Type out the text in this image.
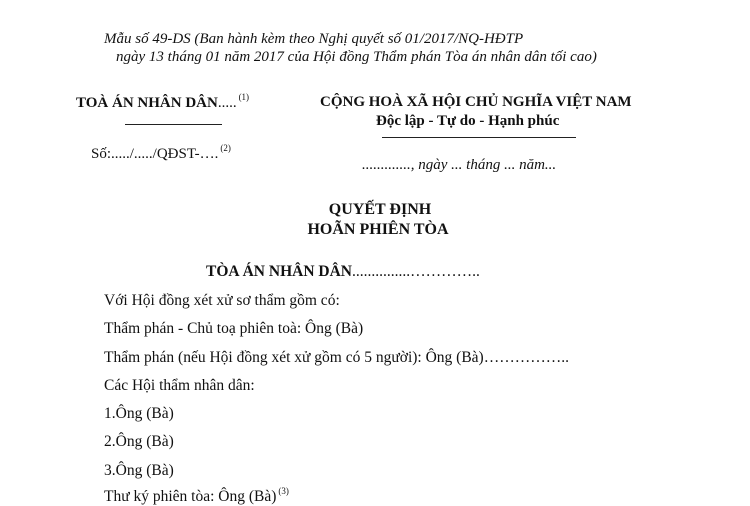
Mẫu số 49-DS (Ban hành kèm theo Nghị quyết số 01/2017/NQ-HĐTP
ngày 13 tháng 01 năm 2017 của Hội đồng Thẩm phán Tòa án nhân dân tối cao)
TOÀ ÁN NHÂN DÂN..... $^{(1)}$
Số:...../...../QĐST-…. $^{(2)}$
CỘNG HOÀ XÃ HỘI CHỦ NGHĨA VIỆT NAM
Độc lập - Tự do - Hạnh phúc
............., ngày ... tháng ... năm...
QUYẾT ĐỊNH
HOÃN PHIÊN TÒA
TÒA ÁN NHÂN DÂN...............…………..
Với Hội đồng xét xử sơ thẩm gồm có:
Thẩm phán - Chủ toạ phiên toà: Ông (Bà)
Thẩm phán (nếu Hội đồng xét xử gồm có 5 người): Ông (Bà)……………..
Các Hội thẩm nhân dân:
1.Ông (Bà)
2.Ông (Bà)
3.Ông (Bà)
Thư ký phiên tòa: Ông (Bà) $^{(3)}$
